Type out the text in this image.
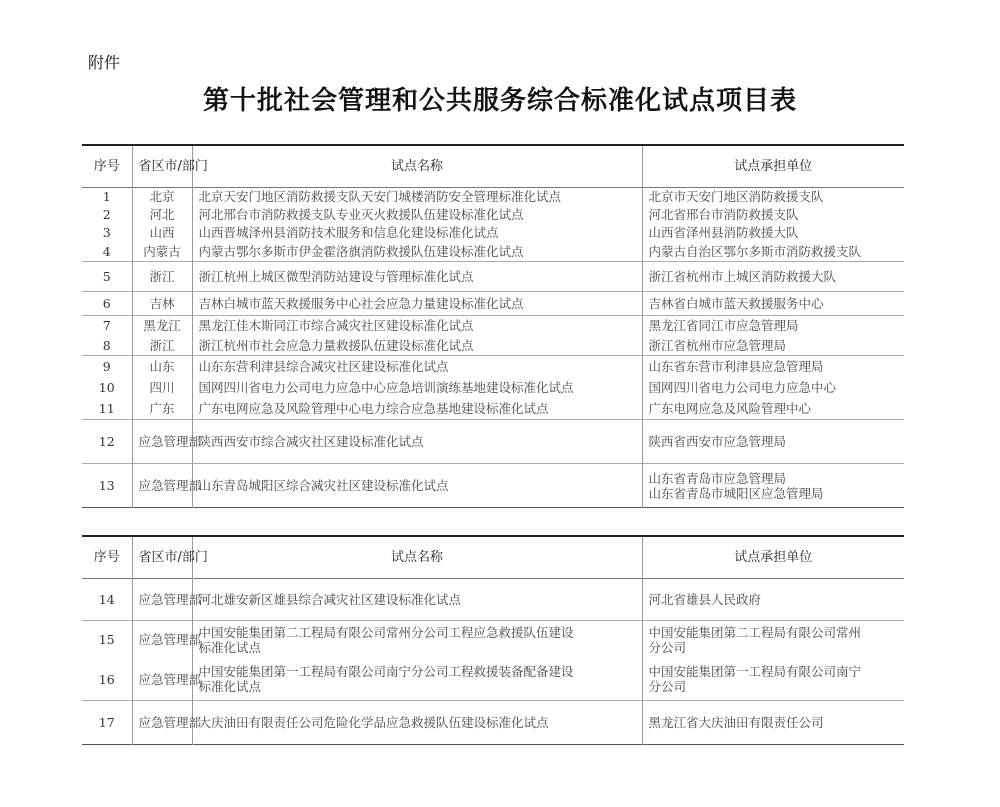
附件
第十批社会管理和公共服务综合标准化试点项目表
序号	省区市/部门	试点名称	试点承担单位
1	北京	北京天安门地区消防救援支队天安门城楼消防安全管理标准化试点	北京市天安门地区消防救援支队
2	河北	河北邢台市消防救援支队专业灭火救援队伍建设标准化试点	河北省邢台市消防救援支队
3	山西	山西晋城泽州县消防技术服务和信息化建设标准化试点	山西省泽州县消防救援大队
4	内蒙古	内蒙古鄂尔多斯市伊金霍洛旗消防救援队伍建设标准化试点	内蒙古自治区鄂尔多斯市消防救援支队
5	浙江	浙江杭州上城区微型消防站建设与管理标准化试点	浙江省杭州市上城区消防救援大队
6	吉林	吉林白城市蓝天救援服务中心社会应急力量建设标准化试点	吉林省白城市蓝天救援服务中心
7	黑龙江	黑龙江佳木斯同江市综合减灾社区建设标准化试点	黑龙江省同江市应急管理局
8	浙江	浙江杭州市社会应急力量救援队伍建设标准化试点	浙江省杭州市应急管理局
9	山东	山东东营利津县综合减灾社区建设标准化试点	山东省东营市利津县应急管理局
10	四川	国网四川省电力公司电力应急中心应急培训演练基地建设标准化试点	国网四川省电力公司电力应急中心
11	广东	广东电网应急及风险管理中心电力综合应急基地建设标准化试点	广东电网应急及风险管理中心
12	应急管理部	陕西西安市综合减灾社区建设标准化试点	陕西省西安市应急管理局

13	应急管理部	山东青岛城阳区综合减灾社区建设标准化试点	山东省青岛市应急管理局
山东省青岛市城阳区应急管理局
序号	省区市/部门	试点名称	试点承担单位
14	应急管理部	河北雄安新区雄县综合减灾社区建设标准化试点	河北省雄县人民政府

15	应急管理部	中国安能集团第二工程局有限公司常州分公司工程应急救援队伍建设
标准化试点	中国安能集团第二工程局有限公司常州
分公司

16	应急管理部	中国安能集团第一工程局有限公司南宁分公司工程救援装备配备建设
标准化试点	中国安能集团第一工程局有限公司南宁
分公司

17	应急管理部	大庆油田有限责任公司危险化学品应急救援队伍建设标准化试点	黑龙江省大庆油田有限责任公司
